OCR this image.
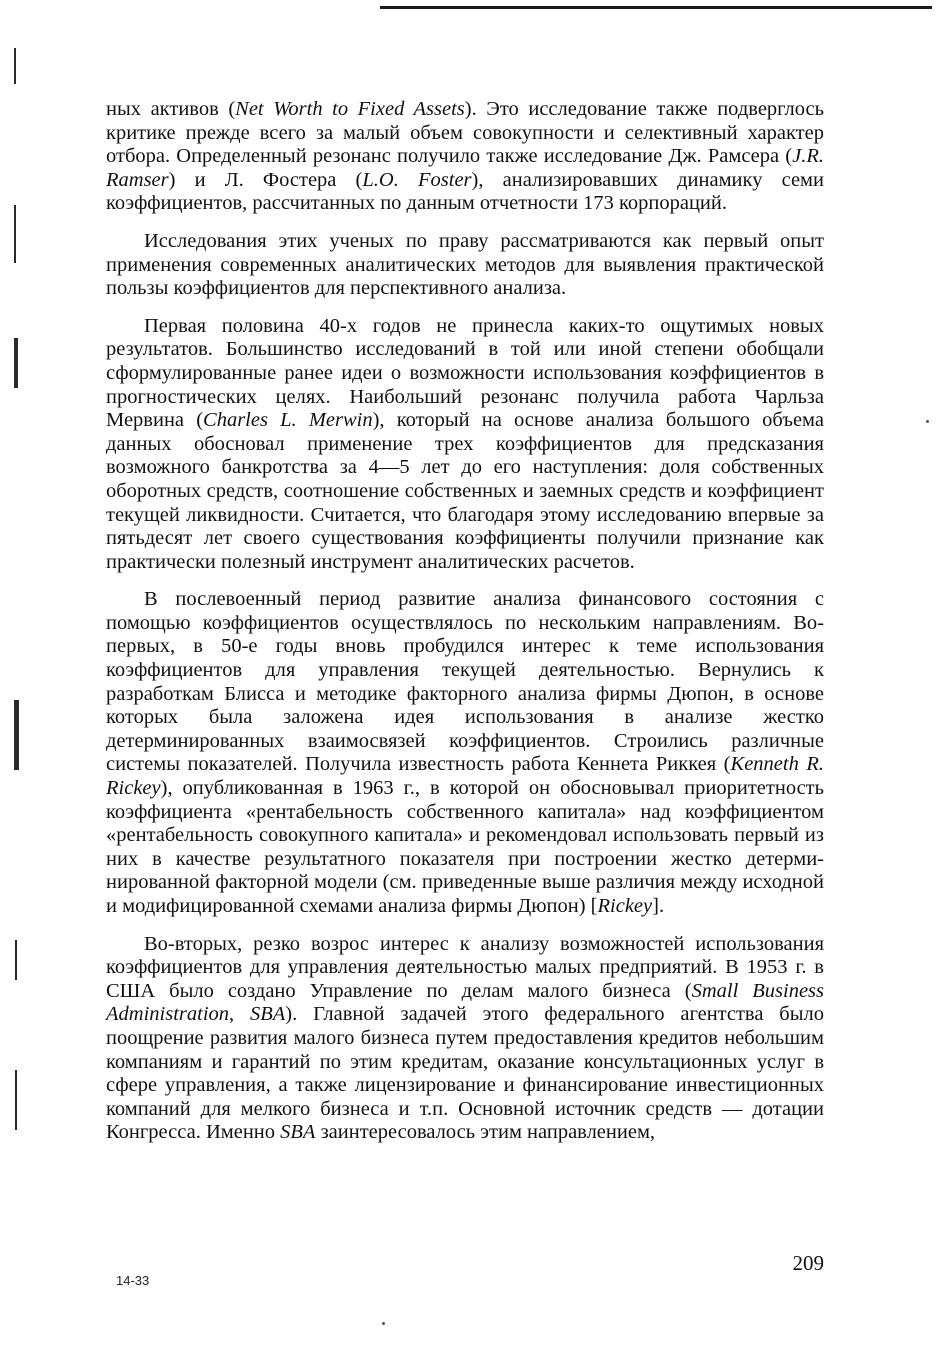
ных активов (Net Worth to Fixed Assets). Это исследование также подверглось критике прежде всего за малый объем совокупности и селективный характер отбора. Определенный резонанс получило также исследование Дж. Рамсера (J.R. Ramser) и Л. Фостера (L.O. Foster), анализировавших динамику семи коэффициентов, рассчитанных по данным отчетности 173 корпораций.

Исследования этих ученых по праву рассматриваются как первый опыт применения современных аналитических методов для выявления практической пользы коэффициентов для перспективного анализа.

Первая половина 40-х годов не принесла каких-то ощутимых новых результатов. Большинство исследований в той или иной степени обобщали сформулированные ранее идеи о возможности использования коэффициентов в прогностических целях. Наибольший резонанс получила работа Чарльза Мервина (Charles L. Merwin), который на основе анализа большого объема данных обосновал применение трех коэффициентов для предсказания возможного банкротства за 4—5 лет до его наступления: доля собственных оборотных средств, соотношение собственных и заемных средств и коэффициент текущей ликвидности. Считается, что благодаря этому исследованию впервые за пятьдесят лет своего существования коэффициенты получили признание как практически полезный инструмент аналитических расчетов.

В послевоенный период развитие анализа финансового состояния с помощью коэффициентов осуществлялось по нескольким направлениям. Во-первых, в 50-е годы вновь пробудился интерес к теме использования коэффициентов для управления текущей деятельностью. Вернулись к разработкам Блисса и методике факторного анализа фирмы Дюпон, в основе которых была заложена идея использования в анализе жестко детерминированных взаимосвязей коэффициентов. Строились различные системы показателей. Получила известность работа Кеннета Риккея (Kenneth R. Rickey), опубликованная в 1963 г., в которой он обосновывал приоритетность коэффициента «рентабельность собственного капитала» над коэффициентом «рентабельность совокупного капитала» и рекомендовал использовать первый из них в качестве результатного показателя при построении жестко детерминированной факторной модели (см. приведенные выше различия между исходной и модифицированной схемами анализа фирмы Дюпон) [Rickey].

Во-вторых, резко возрос интерес к анализу возможностей использования коэффициентов для управления деятельностью малых предприятий. В 1953 г. в США было создано Управление по делам малого бизнеса (Small Business Administration, SBA). Главной задачей этого федерального агентства было поощрение развития малого бизнеса путем предоставления кредитов небольшим компаниям и гарантий по этим кредитам, оказание консультационных услуг в сфере управления, а также лицензирование и финансирование инвестиционных компаний для мелкого бизнеса и т.п. Основной источник средств — дотации Конгресса. Именно SBA заинтересовалось этим направлением,

209
14-33
